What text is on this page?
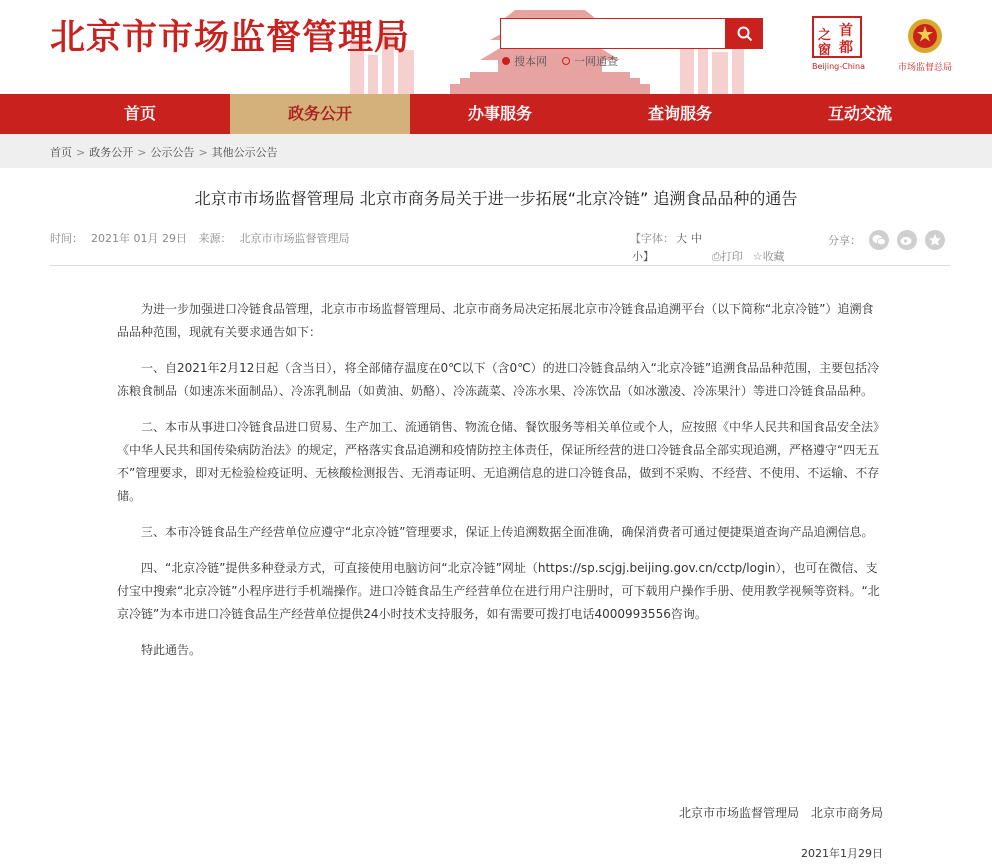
北京市市场监督管理局
搜本网 一网通查
首
都
之
窗
Beijing-China	市场监督总局
首页	政务公开	办事服务	查询服务	互动交流
首页 > 政务公开 > 公示公告 > 其他公示公告
北京市市场监督管理局 北京市商务局关于进一步拓展“北京冷链” 追溯食品品种的通告
时间： 2021年 01月 29日 来源： 北京市市场监督管理局	【字体： 大 中
小】	⎙打印 ☆收藏
分享：

为进一步加强进口冷链食品管理，北京市市场监督管理局、北京市商务局决定拓展北京市冷链食品追溯平台（以下简称“北京冷链”）追溯食品品种范围，现就有关要求通告如下：

一、自2021年2月12日起（含当日），将全部储存温度在0℃以下（含0℃）的进口冷链食品纳入“北京冷链”追溯食品品种范围，主要包括冷冻粮食制品（如速冻米面制品）、冷冻乳制品（如黄油、奶酪）、冷冻蔬菜、冷冻水果、冷冻饮品（如冰激凌、冷冻果汁）等进口冷链食品品种。

二、本市从事进口冷链食品进口贸易、生产加工、流通销售、物流仓储、餐饮服务等相关单位或个人，应按照《中华人民共和国食品安全法》《中华人民共和国传染病防治法》的规定，严格落实食品追溯和疫情防控主体责任，保证所经营的进口冷链食品全部实现追溯，严格遵守“四无五不”管理要求，即对无检验检疫证明、无核酸检测报告、无消毒证明、无追溯信息的进口冷链食品，做到不采购、不经营、不使用、不运输、不存储。

三、本市冷链食品生产经营单位应遵守“北京冷链”管理要求，保证上传追溯数据全面准确，确保消费者可通过便捷渠道查询产品追溯信息。

四、“北京冷链”提供多种登录方式，可直接使用电脑访问“北京冷链”网址（https://sp.scjgj.beijing.gov.cn/cctp/login），也可在微信、支付宝中搜索“北京冷链”小程序进行手机端操作。进口冷链食品生产经营单位在进行用户注册时，可下载用户操作手册、使用教学视频等资料。“北京冷链”为本市进口冷链食品生产经营单位提供24小时技术支持服务，如有需要可拨打电话4000993556咨询。

特此通告。

北京市市场监督管理局　北京市商务局
2021年1月29日
